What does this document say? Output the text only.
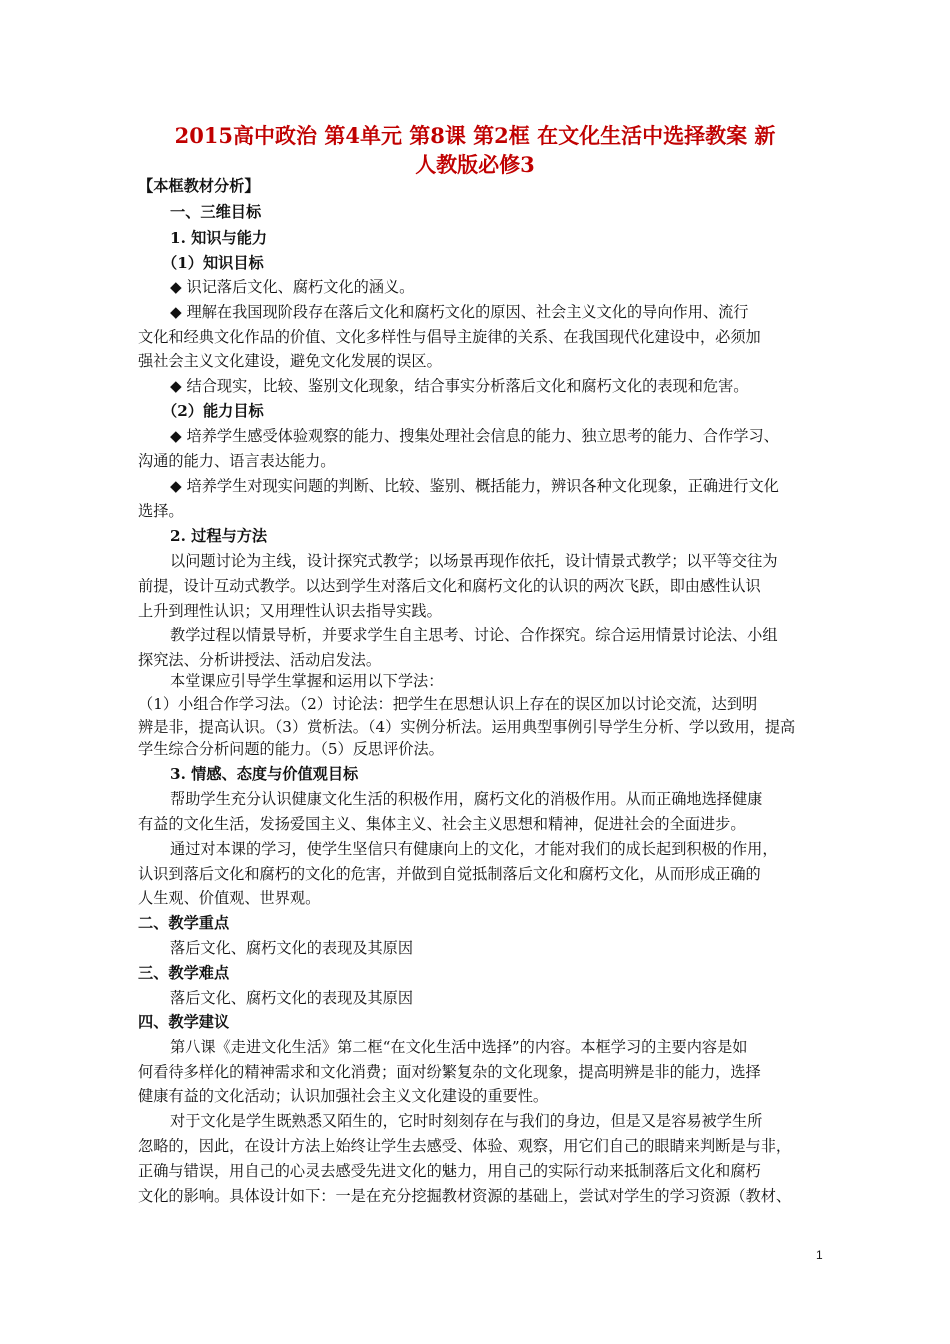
2015高中政治 第4单元 第8课 第2框 在文化生活中选择教案 新
人教版必修3
【本框教材分析】
一、三维目标
1. 知识与能力
（1）知识目标
◆ 识记落后文化、腐朽文化的涵义。
◆ 理解在我国现阶段存在落后文化和腐朽文化的原因、社会主义文化的导向作用、流行
文化和经典文化作品的价值、文化多样性与倡导主旋律的关系、在我国现代化建设中，必须加
强社会主义文化建设，避免文化发展的误区。
◆ 结合现实，比较、鉴别文化现象，结合事实分析落后文化和腐朽文化的表现和危害。
（2）能力目标
◆ 培养学生感受体验观察的能力、搜集处理社会信息的能力、独立思考的能力、合作学习、
沟通的能力、语言表达能力。
◆ 培养学生对现实问题的判断、比较、鉴别、概括能力，辨识各种文化现象，正确进行文化
选择。
2. 过程与方法
以问题讨论为主线，设计探究式教学；以场景再现作依托，设计情景式教学；以平等交往为
前提，设计互动式教学。以达到学生对落后文化和腐朽文化的认识的两次飞跃，即由感性认识
上升到理性认识；又用理性认识去指导实践。
教学过程以情景导析，并要求学生自主思考、讨论、合作探究。综合运用情景讨论法、小组
探究法、分析讲授法、活动启发法。
本堂课应引导学生掌握和运用以下学法：
（1）小组合作学习法。（2）讨论法：把学生在思想认识上存在的误区加以讨论交流，达到明
辨是非，提高认识。（3）赏析法。（4）实例分析法。运用典型事例引导学生分析、学以致用，提高
学生综合分析问题的能力。（5）反思评价法。
3. 情感、态度与价值观目标
帮助学生充分认识健康文化生活的积极作用，腐朽文化的消极作用。从而正确地选择健康
有益的文化生活，发扬爱国主义、集体主义、社会主义思想和精神，促进社会的全面进步。
通过对本课的学习，使学生坚信只有健康向上的文化，才能对我们的成长起到积极的作用，
认识到落后文化和腐朽的文化的危害，并做到自觉抵制落后文化和腐朽文化，从而形成正确的
人生观、价值观、世界观。
二、教学重点
落后文化、腐朽文化的表现及其原因
三、教学难点
落后文化、腐朽文化的表现及其原因
四、教学建议
第八课《走进文化生活》第二框“在文化生活中选择”的内容。本框学习的主要内容是如
何看待多样化的精神需求和文化消费；面对纷繁复杂的文化现象，提高明辨是非的能力，选择
健康有益的文化活动；认识加强社会主义文化建设的重要性。
对于文化是学生既熟悉又陌生的，它时时刻刻存在与我们的身边，但是又是容易被学生所
忽略的，因此，在设计方法上始终让学生去感受、体验、观察，用它们自己的眼睛来判断是与非，
正确与错误，用自己的心灵去感受先进文化的魅力，用自己的实际行动来抵制落后文化和腐朽
文化的影响。具体设计如下：一是在充分挖掘教材资源的基础上，尝试对学生的学习资源（教材、
1
